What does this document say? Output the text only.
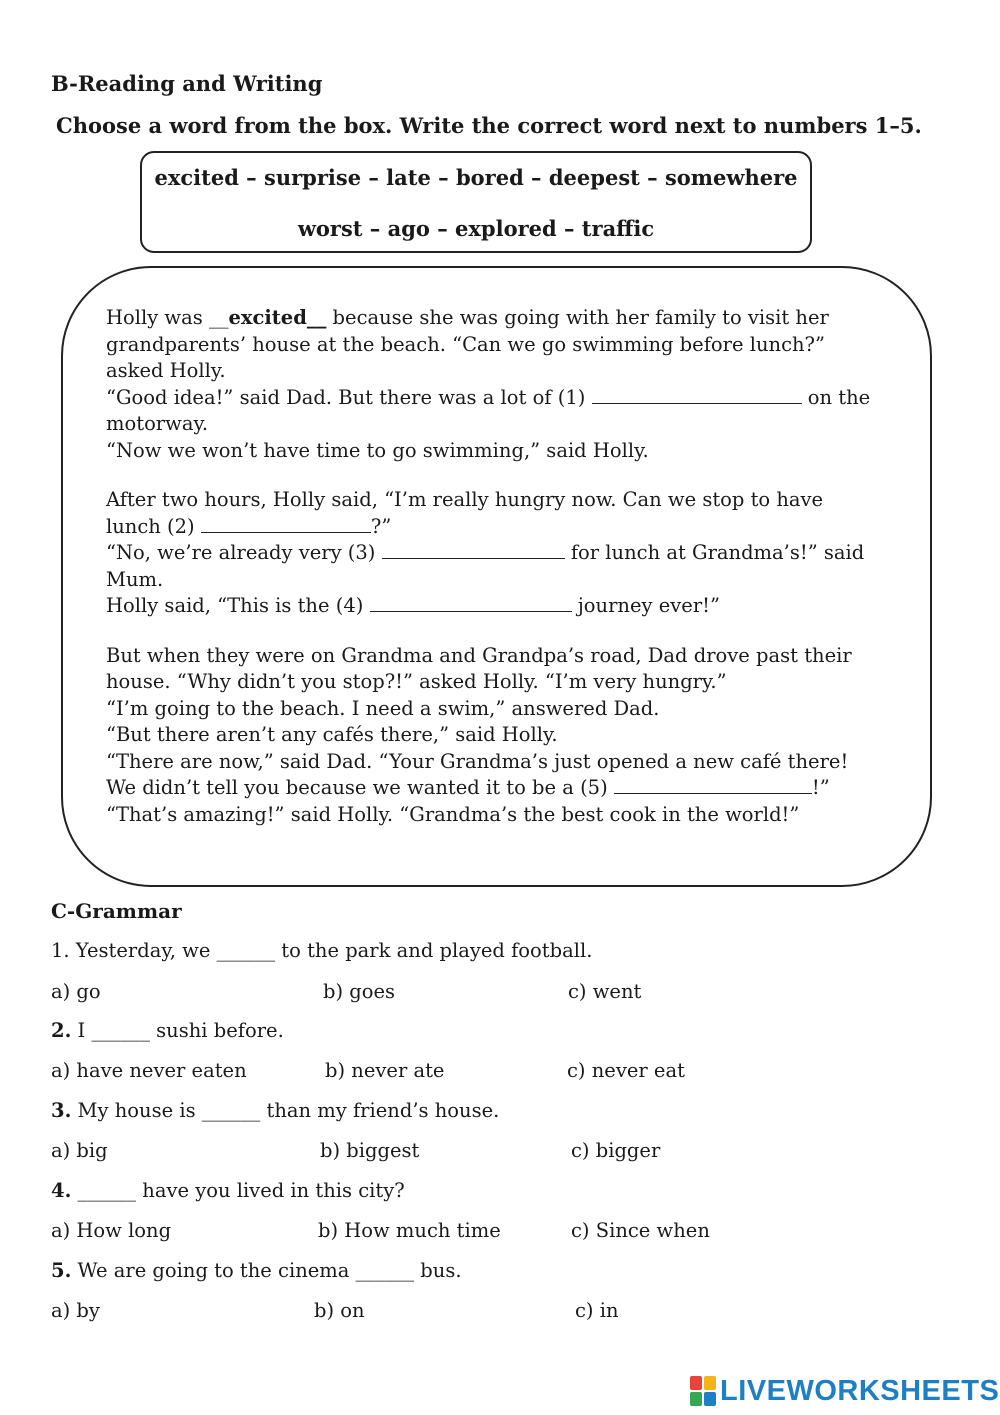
B-Reading and Writing

Choose a word from the box. Write the correct word next to numbers 1–5.

excited – surprise – late – bored – deepest – somewhere
worst – ago – explored – traffic

Holly was __excited__ because she was going with her family to visit her grandparents’ house at the beach. “Can we go swimming before lunch?” asked Holly.

“Good idea!” said Dad. But there was a lot of (1)	on the motorway.

“Now we won’t have time to go swimming,” said Holly.

After two hours, Holly said, “I’m really hungry now. Can we stop to have lunch (2)	?”

“No, we’re already very (3)	for lunch at Grandma’s!” said Mum.

Holly said, “This is the (4)	journey ever!”

But when they were on Grandma and Grandpa’s road, Dad drove past their house. “Why didn’t you stop?!” asked Holly. “I’m very hungry.”

“I’m going to the beach. I need a swim,” answered Dad.

“But there aren’t any cafés there,” said Holly.

“There are now,” said Dad. “Your Grandma’s just opened a new café there! We didn’t tell you because we wanted it to be a (5)	!”

“That’s amazing!” said Holly. “Grandma’s the best cook in the world!”

C-Grammar

1. Yesterday, we ______ to the park and played football.

a) go	b) goes	c) went

2. I ______ sushi before.

a) have never eaten	b) never ate	c) never eat

3. My house is ______ than my friend’s house.

a) big	b) biggest	c) bigger

4. ______ have you lived in this city?

a) How long	b) How much time	c) Since when

5. We are going to the cinema ______ bus.

a) by	b) on	c) in
LIVEWORKSHEETS
